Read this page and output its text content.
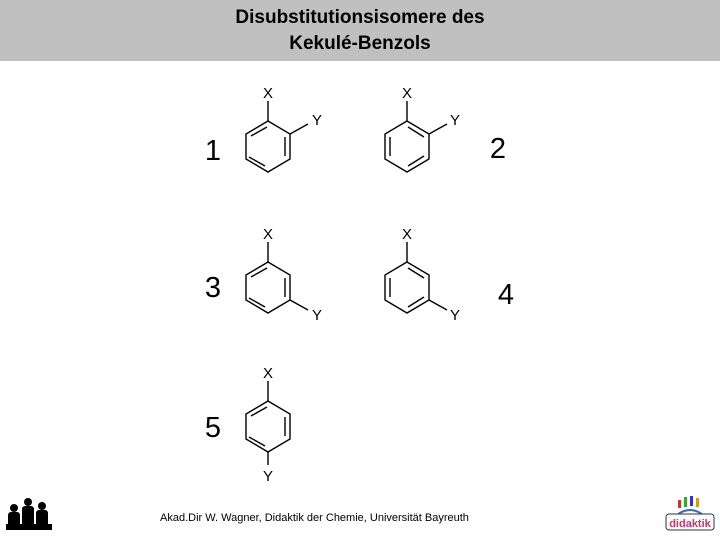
Disubstitutionsisomere des
Kekulé-Benzols
X
Y
1
X
Y
2
X
Y
3
X
Y
4
X
Y
5
Akad.Dir W. Wagner, Didaktik der Chemie, Universität Bayreuth	didaktik
